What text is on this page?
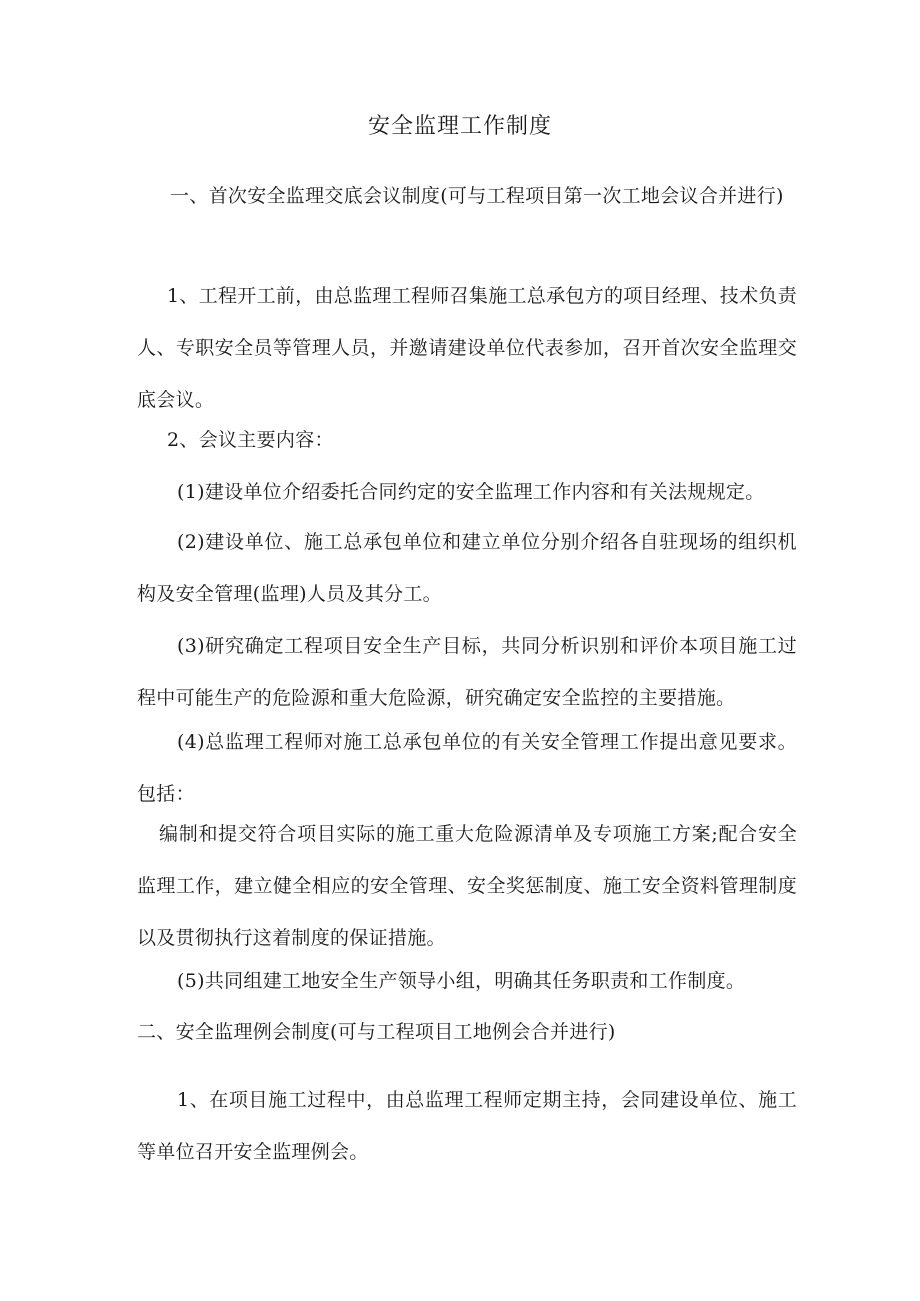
安全监理工作制度

一、首次安全监理交底会议制度(可与工程项目第一次工地会议合并进行)

1、工程开工前，由总监理工程师召集施工总承包方的项目经理、技术负责人、专职安全员等管理人员，并邀请建设单位代表参加，召开首次安全监理交底会议。

2、会议主要内容：

(1)建设单位介绍委托合同约定的安全监理工作内容和有关法规规定。

(2)建设单位、施工总承包单位和建立单位分别介绍各自驻现场的组织机构及安全管理(监理)人员及其分工。

(3)研究确定工程项目安全生产目标，共同分析识别和评价本项目施工过程中可能生产的危险源和重大危险源，研究确定安全监控的主要措施。

(4)总监理工程师对施工总承包单位的有关安全管理工作提出意见要求。包括：

编制和提交符合项目实际的施工重大危险源清单及专项施工方案;配合安全监理工作，建立健全相应的安全管理、安全奖惩制度、施工安全资料管理制度以及贯彻执行这着制度的保证措施。

(5)共同组建工地安全生产领导小组，明确其任务职责和工作制度。

二、安全监理例会制度(可与工程项目工地例会合并进行)

1、在项目施工过程中，由总监理工程师定期主持，会同建设单位、施工等单位召开安全监理例会。
